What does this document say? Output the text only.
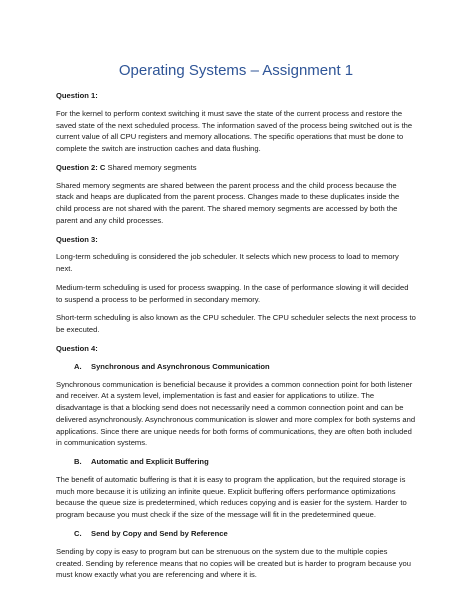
Operating Systems – Assignment 1
Question 1:

For the kernel to perform context switching it must save the state of the current process and restore the saved state of the next scheduled process. The information saved of the process being switched out is the current value of all CPU registers and memory allocations. The specific operations that must be done to complete the switch are instruction caches and data flushing.

Question 2: C Shared memory segments

Shared memory segments are shared between the parent process and the child process because the stack and heaps are duplicated from the parent process. Changes made to these duplicates inside the child process are not shared with the parent. The shared memory segments are accessed by both the parent and any child processes.

Question 3:

Long-term scheduling is considered the job scheduler. It selects which new process to load to memory next.

Medium-term scheduling is used for process swapping. In the case of performance slowing it will decided to suspend a process to be performed in secondary memory.

Short-term scheduling is also known as the CPU scheduler. The CPU scheduler selects the next process to be executed.

Question 4:
A. Synchronous and Asynchronous Communication

Synchronous communication is beneficial because it provides a common connection point for both listener and receiver. At a system level, implementation is fast and easier for applications to utilize. The disadvantage is that a blocking send does not necessarily need a common connection point and can be delivered asynchronously. Asynchronous communication is slower and more complex for both systems and applications. Since there are unique needs for both forms of communications, they are often both included in communication systems.

B. Automatic and Explicit Buffering

The benefit of automatic buffering is that it is easy to program the application, but the required storage is much more because it is utilizing an infinite queue. Explicit buffering offers performance optimizations because the queue size is predetermined, which reduces copying and is easier for the system. Harder to program because you must check if the size of the message will fit in the predetermined queue.

C. Send by Copy and Send by Reference

Sending by copy is easy to program but can be strenuous on the system due to the multiple copies created. Sending by reference means that no copies will be created but is harder to program because you must know exactly what you are referencing and where it is.
